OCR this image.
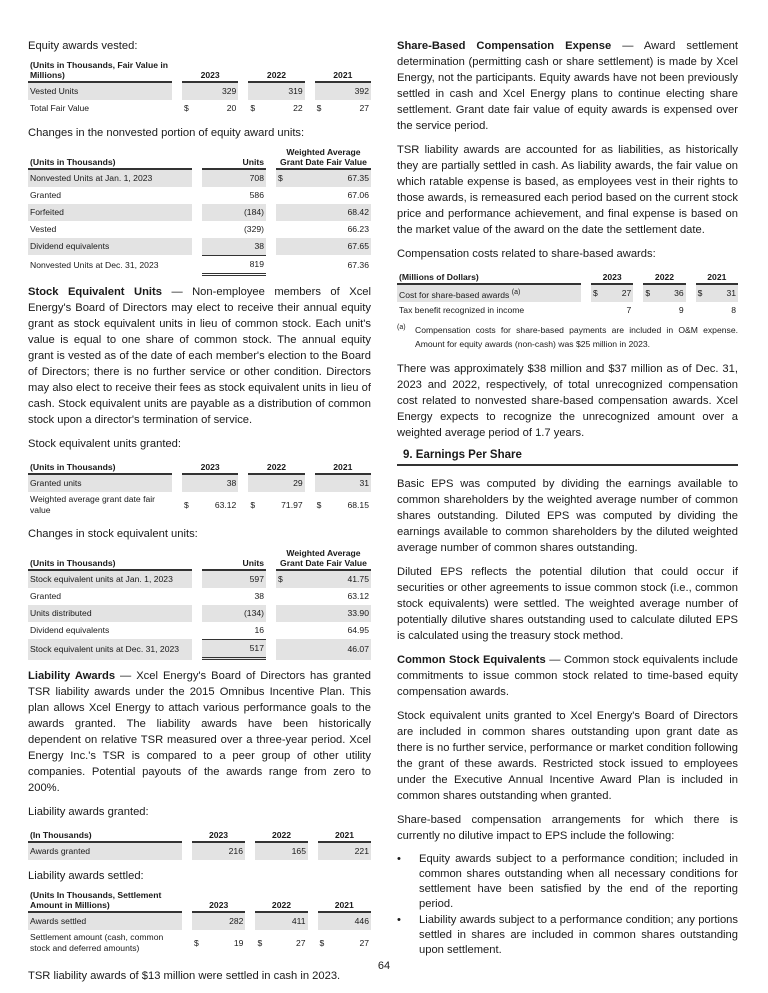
Equity awards vested:

(Units in Thousands, Fair Value in Millions)		2023			2022			2021	
Vested Units			329			319			392
Total Fair Value		$	20		$	22		$	27

Changes in the nonvested portion of equity award units:

(Units in Thousands)		Units		Weighted Average Grant Date Fair Value	
Nonvested Units at Jan. 1, 2023		708		$	67.35
Granted		586			67.06
Forfeited		(184)			68.42
Vested		(329)			66.23
Dividend equivalents		38			67.65
Nonvested Units at Dec. 31, 2023		819			67.36

Stock Equivalent Units — Non-employee members of Xcel Energy's Board of Directors may elect to receive their annual equity grant as stock equivalent units in lieu of common stock. Each unit's value is equal to one share of common stock. The annual equity grant is vested as of the date of each member's election to the Board of Directors; there is no further service or other condition. Directors may also elect to receive their fees as stock equivalent units in lieu of cash. Stock equivalent units are payable as a distribution of common stock upon a director's termination of service.

Stock equivalent units granted:

(Units in Thousands)		2023			2022			2021	
Granted units			38			29			31
Weighted average grant date fair value		$	63.12		$	71.97		$	68.15

Changes in stock equivalent units:

(Units in Thousands)		Units		Weighted Average Grant Date Fair Value	
Stock equivalent units at Jan. 1, 2023		597		$	41.75
Granted		38			63.12
Units distributed		(134)			33.90
Dividend equivalents		16			64.95
Stock equivalent units at Dec. 31, 2023		517			46.07

Liability Awards — Xcel Energy's Board of Directors has granted TSR liability awards under the 2015 Omnibus Incentive Plan. This plan allows Xcel Energy to attach various performance goals to the awards granted. The liability awards have been historically dependent on relative TSR measured over a three-year period. Xcel Energy Inc.'s TSR is compared to a peer group of other utility companies. Potential payouts of the awards range from zero to 200%.

Liability awards granted:

(In Thousands)		2023		2022		2021
Awards granted		216		165		221

Liability awards settled:

(Units In Thousands, Settlement Amount in Millions)		2023			2022			2021	
Awards settled			282			411			446
Settlement amount (cash, common stock and deferred amounts)		$	19		$	27		$	27

TSR liability awards of $13 million were settled in cash in 2023.

Share-Based Compensation Expense — Award settlement determination (permitting cash or share settlement) is made by Xcel Energy, not the participants. Equity awards have not been previously settled in cash and Xcel Energy plans to continue electing share settlement. Grant date fair value of equity awards is expensed over the service period.

TSR liability awards are accounted for as liabilities, as historically they are partially settled in cash. As liability awards, the fair value on which ratable expense is based, as employees vest in their rights to those awards, is remeasured each period based on the current stock price and performance achievement, and final expense is based on the market value of the award on the date the settlement date.

Compensation costs related to share-based awards:

(Millions of Dollars)		2023			2022			2021	
Cost for share-based awards $^{(a)}$		$	27		$	36		$	31
Tax benefit recognized in income			7			9			8
(a)	Compensation costs for share-based payments are included in O&M expense. Amount for equity awards (non-cash) was $25 million in 2023.

There was approximately $38 million and $37 million as of Dec. 31, 2023 and 2022, respectively, of total unrecognized compensation cost related to nonvested share-based compensation awards. Xcel Energy expects to recognize the unrecognized amount over a weighted average period of 1.7 years.

9. Earnings Per Share

Basic EPS was computed by dividing the earnings available to common shareholders by the weighted average number of common shares outstanding. Diluted EPS was computed by dividing the earnings available to common shareholders by the diluted weighted average number of common shares outstanding.

Diluted EPS reflects the potential dilution that could occur if securities or other agreements to issue common stock (i.e., common stock equivalents) were settled. The weighted average number of potentially dilutive shares outstanding used to calculate diluted EPS is calculated using the treasury stock method.

Common Stock Equivalents — Common stock equivalents include commitments to issue common stock related to time-based equity compensation awards.

Stock equivalent units granted to Xcel Energy's Board of Directors are included in common shares outstanding upon grant date as there is no further service, performance or market condition following the grant of these awards. Restricted stock issued to employees under the Executive Annual Incentive Award Plan is included in common shares outstanding when granted.

Share-based compensation arrangements for which there is currently no dilutive impact to EPS include the following:

•	Equity awards subject to a performance condition; included in common shares outstanding when all necessary conditions for settlement have been satisfied by the end of the reporting period.
•	Liability awards subject to a performance condition; any portions settled in shares are included in common shares outstanding upon settlement.
64
